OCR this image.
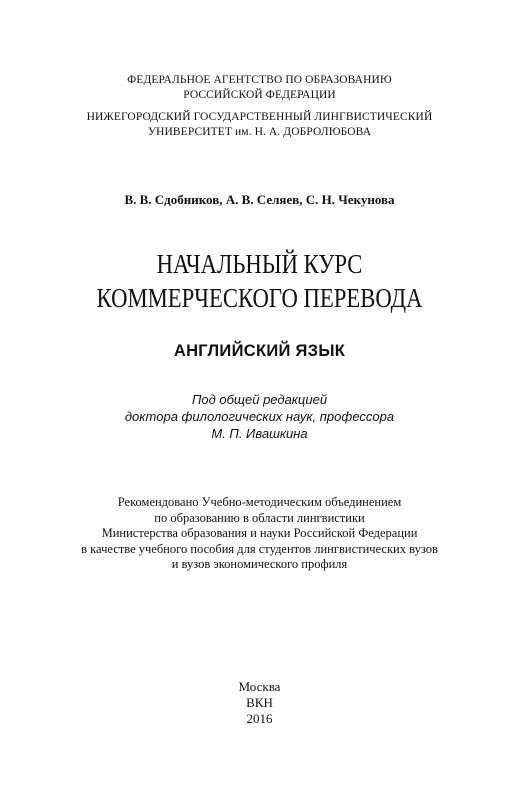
ФЕДЕРАЛЬНОЕ АГЕНТСТВО ПО ОБРАЗОВАНИЮ
РОССИЙСКОЙ ФЕДЕРАЦИИ
НИЖЕГОРОДСКИЙ ГОСУДАРСТВЕННЫЙ ЛИНГВИСТИЧЕСКИЙ
УНИВЕРСИТЕТ им. Н. А. ДОБРОЛЮБОВА
В. В. Сдобников, А. В. Селяев, С. Н. Чекунова
НАЧАЛЬНЫЙ КУРС
КОММЕРЧЕСКОГО ПЕРЕВОДА
АНГЛИЙСКИЙ ЯЗЫК
Под общей редакцией
доктора филологических наук, профессора
М. П. Ивашкина
Рекомендовано Учебно-методическим объединением
по образованию в области лингвистики
Министерства образования и науки Российской Федерации
в качестве учебного пособия для студентов лингвистических вузов
и вузов экономического профиля
Москва
ВКН
2016
